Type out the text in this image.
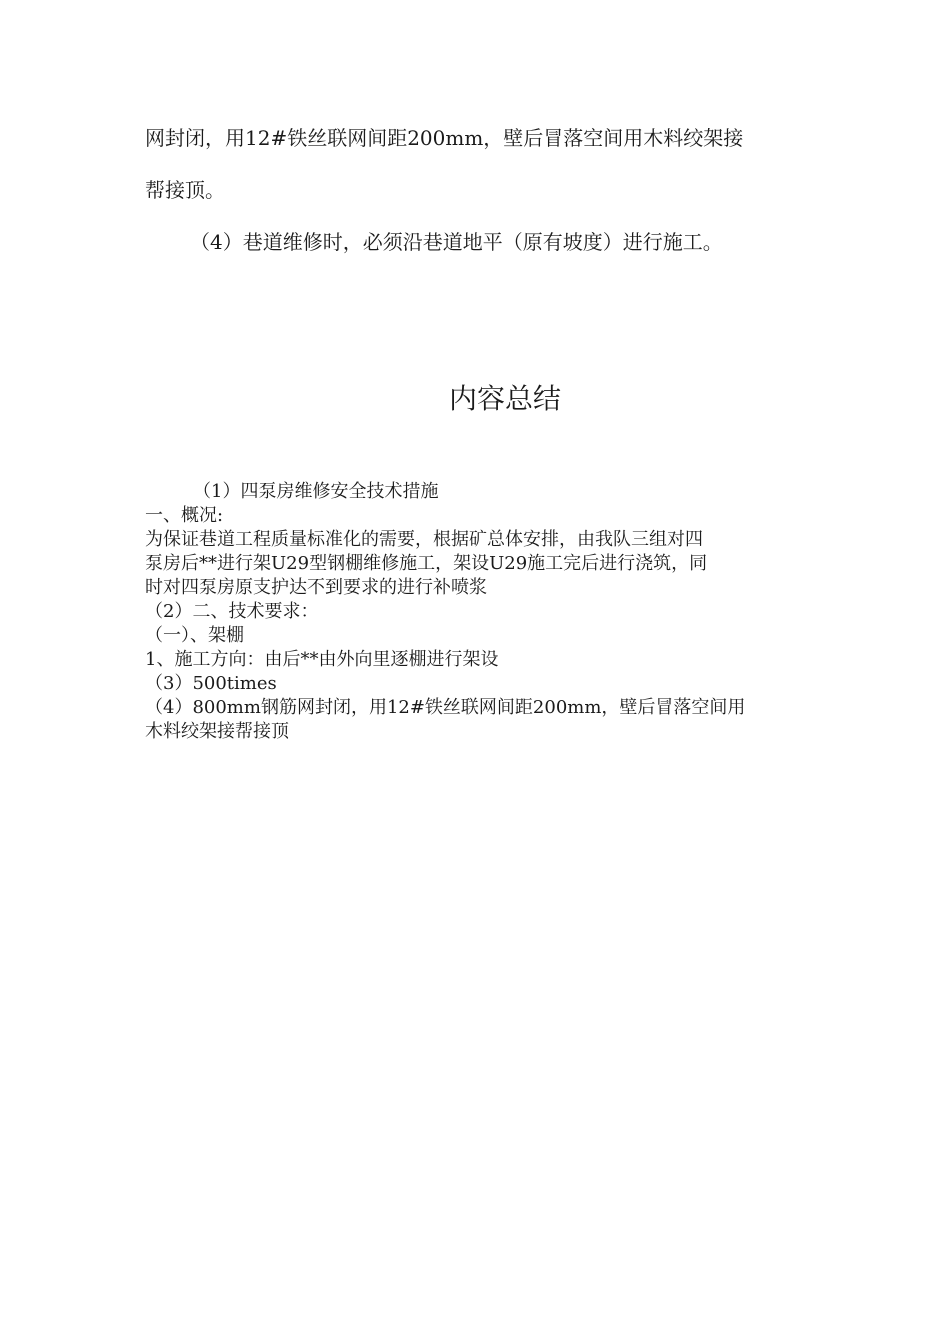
网封闭，用12#铁丝联网间距200mm，壁后冒落空间用木料绞架接
帮接顶。
（4）巷道维修时，必须沿巷道地平（原有坡度）进行施工。
内容总结
（1）四泵房维修安全技术措施
一、概况:
为保证巷道工程质量标准化的需要，根据矿总体安排，由我队三组对四
泵房后**进行架U29型钢棚维修施工，架设U29施工完后进行浇筑，同
时对四泵房原支护达不到要求的进行补喷浆
（2）二、技术要求：
（一）、架棚
1、施工方向：由后**由外向里逐棚进行架设
（3）500times
（4）800mm钢筋网封闭，用12#铁丝联网间距200mm，壁后冒落空间用
木料绞架接帮接顶
